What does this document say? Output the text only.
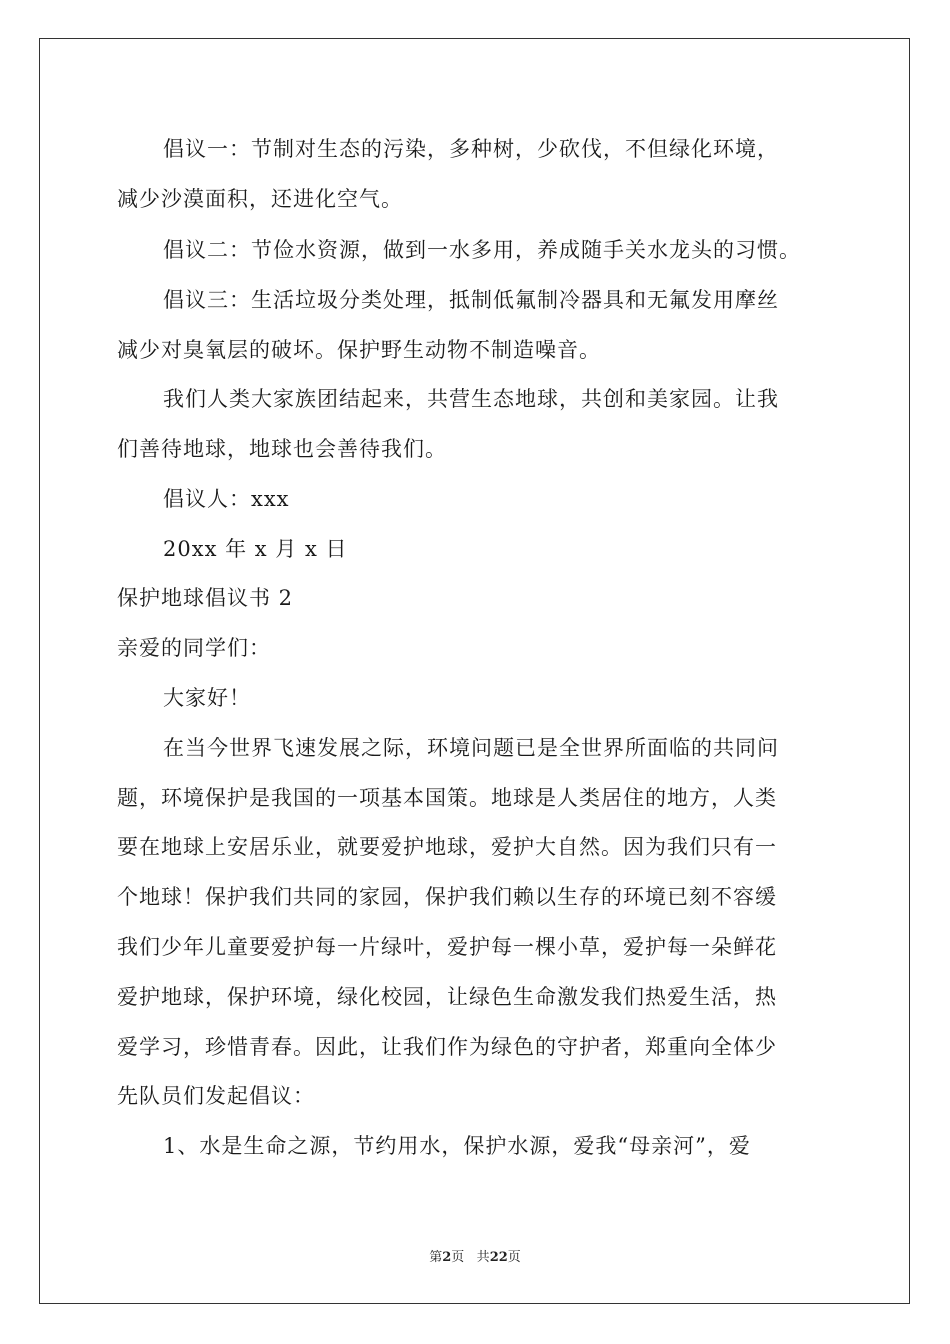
倡议一：节制对生态的污染，多种树，少砍伐，不但绿化环境，
减少沙漠面积，还进化空气。
倡议二：节俭水资源，做到一水多用，养成随手关水龙头的习惯。
倡议三：生活垃圾分类处理，抵制低氟制冷器具和无氟发用摩丝
减少对臭氧层的破坏。保护野生动物不制造噪音。
我们人类大家族团结起来，共营生态地球，共创和美家园。让我
们善待地球，地球也会善待我们。
倡议人：xxx
20xx 年 x 月 x 日
保护地球倡议书 2
亲爱的同学们：
大家好！
在当今世界飞速发展之际，环境问题已是全世界所面临的共同问
题，环境保护是我国的一项基本国策。地球是人类居住的地方，人类
要在地球上安居乐业，就要爱护地球，爱护大自然。因为我们只有一
个地球！保护我们共同的家园，保护我们赖以生存的环境已刻不容缓
我们少年儿童要爱护每一片绿叶，爱护每一棵小草，爱护每一朵鲜花
爱护地球，保护环境，绿化校园，让绿色生命激发我们热爱生活，热
爱学习，珍惜青春。因此，让我们作为绿色的守护者，郑重向全体少
先队员们发起倡议：
1、水是生命之源，节约用水，保护水源，爱我“母亲河”，爱
第2页 共22页
